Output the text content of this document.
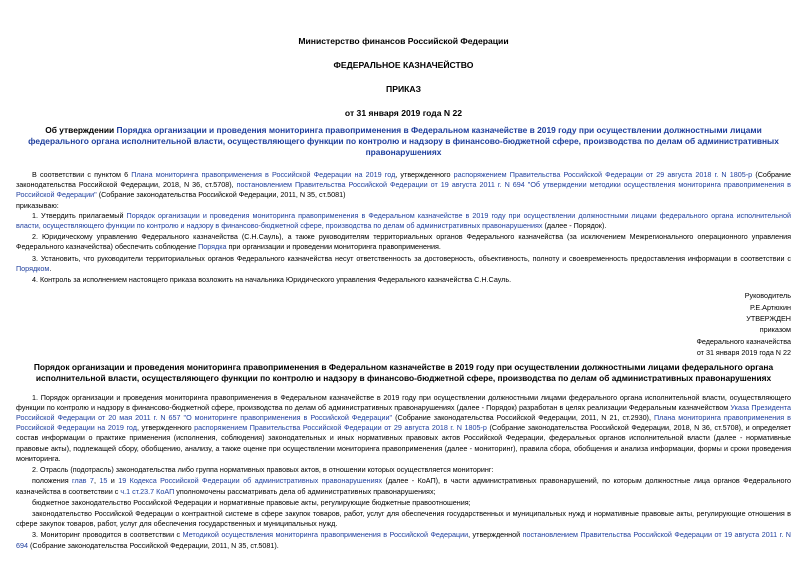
Министерство финансов Российской Федерации
ФЕДЕРАЛЬНОЕ КАЗНАЧЕЙСТВО
ПРИКАЗ
от 31 января 2019 года N 22
Об утверждении Порядка организации и проведения мониторинга правоприменения в Федеральном казначействе в 2019 году при осуществлении должностными лицами федерального органа исполнительной власти, осуществляющего функции по контролю и надзору в финансово-бюджетной сфере, производства по делам об административных правонарушениях

В соответствии с пунктом 6 Плана мониторинга правоприменения в Российской Федерации на 2019 год, утвержденного распоряжением Правительства Российской Федерации от 29 августа 2018 г. N 1805-р (Собрание законодательства Российской Федерации, 2018, N 36, ст.5708), постановлением Правительства Российской Федерации от 19 августа 2011 г. N 694 "Об утверждении методики осуществления мониторинга правоприменения в Российской Федерации" (Собрание законодательства Российской Федерации, 2011, N 35, ст.5081)

приказываю:

1. Утвердить прилагаемый Порядок организации и проведения мониторинга правоприменения в Федеральном казначействе в 2019 году при осуществлении должностными лицами федерального органа исполнительной власти, осуществляющего функции по контролю и надзору в финансово-бюджетной сфере, производства по делам об административных правонарушениях (далее - Порядок).

2. Юридическому управлению Федерального казначейства (С.Н.Сауль), а также руководителям территориальных органов Федерального казначейства (за исключением Межрегионального операционного управления Федерального казначейства) обеспечить соблюдение Порядка при организации и проведении мониторинга правоприменения.

3. Установить, что руководители территориальных органов Федерального казначейства несут ответственность за достоверность, объективность, полноту и своевременность предоставления информации в соответствии с Порядком.

4. Контроль за исполнением настоящего приказа возложить на начальника Юридического управления Федерального казначейства С.Н.Сауль.

Руководитель
Р.Е.Артюхин
УТВЕРЖДЕН
приказом
Федерального казначейства
от 31 января 2019 года N 22
Порядок организации и проведения мониторинга правоприменения в Федеральном казначействе в 2019 году при осуществлении должностными лицами федерального органа исполнительной власти, осуществляющего функции по контролю и надзору в финансово-бюджетной сфере, производства по делам об административных правонарушениях

1. Порядок организации и проведения мониторинга правоприменения в Федеральном казначействе в 2019 году при осуществлении должностными лицами федерального органа исполнительной власти, осуществляющего функции по контролю и надзору в финансово-бюджетной сфере, производства по делам об административных правонарушениях (далее - Порядок) разработан в целях реализации Федеральным казначейством Указа Президента Российской Федерации от 20 мая 2011 г. N 657 "О мониторинге правоприменения в Российской Федерации" (Собрание законодательства Российской Федерации, 2011, N 21, ст.2930), Плана мониторинга правоприменения в Российской Федерации на 2019 год, утвержденного распоряжением Правительства Российской Федерации от 29 августа 2018 г. N 1805-р (Собрание законодательства Российской Федерации, 2018, N 36, ст.5708), и определяет состав информации о практике применения (исполнения, соблюдения) законодательных и иных нормативных правовых актов Российской Федерации, федеральных органов исполнительной власти (далее - нормативные правовые акты), подлежащей сбору, обобщению, анализу, а также оценке при осуществлении мониторинга правоприменения (далее - мониторинг), правила сбора, обобщения и анализа информации, формы и сроки проведения мониторинга.

2. Отрасль (подотрасль) законодательства либо группа нормативных правовых актов, в отношении которых осуществляется мониторинг:

положения глав 7, 15 и 19 Кодекса Российской Федерации об административных правонарушениях (далее - КоАП), в части административных правонарушений, по которым должностные лица органов Федерального казначейства в соответствии с ч.1 ст.23.7 КоАП уполномочены рассматривать дела об административных правонарушениях;

бюджетное законодательство Российской Федерации и нормативные правовые акты, регулирующие бюджетные правоотношения;

законодательство Российской Федерации о контрактной системе в сфере закупок товаров, работ, услуг для обеспечения государственных и муниципальных нужд и нормативные правовые акты, регулирующие отношения в сфере закупок товаров, работ, услуг для обеспечения государственных и муниципальных нужд.

3. Мониторинг проводится в соответствии с Методикой осуществления мониторинга правоприменения в Российской Федерации, утвержденной постановлением Правительства Российской Федерации от 19 августа 2011 г. N 694 (Собрание законодательства Российской Федерации, 2011, N 35, ст.5081).
